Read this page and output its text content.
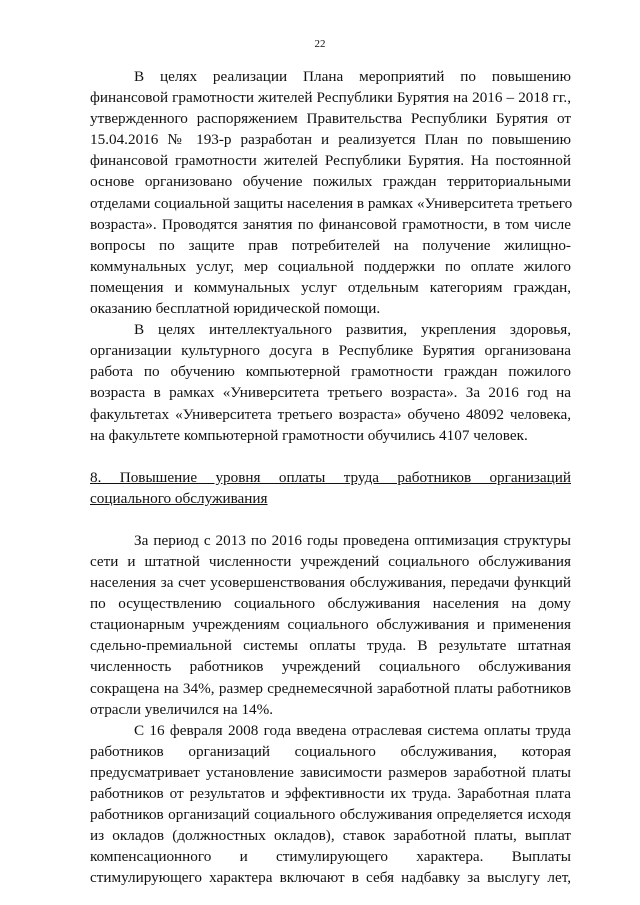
22
В целях реализации Плана мероприятий по повышению
финансовой грамотности жителей Республики Бурятия на 2016 – 2018 гг.,
утвержденного распоряжением Правительства Республики Бурятия от
15.04.2016 № 193-р разработан и реализуется План по повышению
финансовой грамотности жителей Республики Бурятия. На постоянной
основе организовано обучение пожилых граждан территориальными
отделами социальной защиты населения в рамках «Университета третьего
возраста». Проводятся занятия по финансовой грамотности, в том числе
вопросы по защите прав потребителей на получение жилищно-
коммунальных услуг, мер социальной поддержки по оплате жилого
помещения и коммунальных услуг отдельным категориям граждан,
оказанию бесплатной юридической помощи.
В целях интеллектуального развития, укрепления здоровья,
организации культурного досуга в Республике Бурятия организована
работа по обучению компьютерной грамотности граждан пожилого
возраста в рамках «Университета третьего возраста». За 2016 год на
факультетах «Университета третьего возраста» обучено 48092 человека,
на факультете компьютерной грамотности обучились 4107 человек.
8. Повышение уровня оплаты труда работников организаций
социального обслуживания
За период с 2013 по 2016 годы проведена оптимизация структуры
сети и штатной численности учреждений социального обслуживания
населения за счет усовершенствования обслуживания, передачи функций
по осуществлению социального обслуживания населения на дому
стационарным учреждениям социального обслуживания и применения
сдельно-премиальной системы оплаты труда. В результате штатная
численность работников учреждений социального обслуживания
сокращена на 34%, размер среднемесячной заработной платы работников
отрасли увеличился на 14%.
С 16 февраля 2008 года введена отраслевая система оплаты труда
работников организаций социального обслуживания, которая
предусматривает установление зависимости размеров заработной платы
работников от результатов и эффективности их труда. Заработная плата
работников организаций социального обслуживания определяется исходя
из окладов (должностных окладов), ставок заработной платы, выплат
компенсационного и стимулирующего характера. Выплаты
стимулирующего характера включают в себя надбавку за выслугу лет,
